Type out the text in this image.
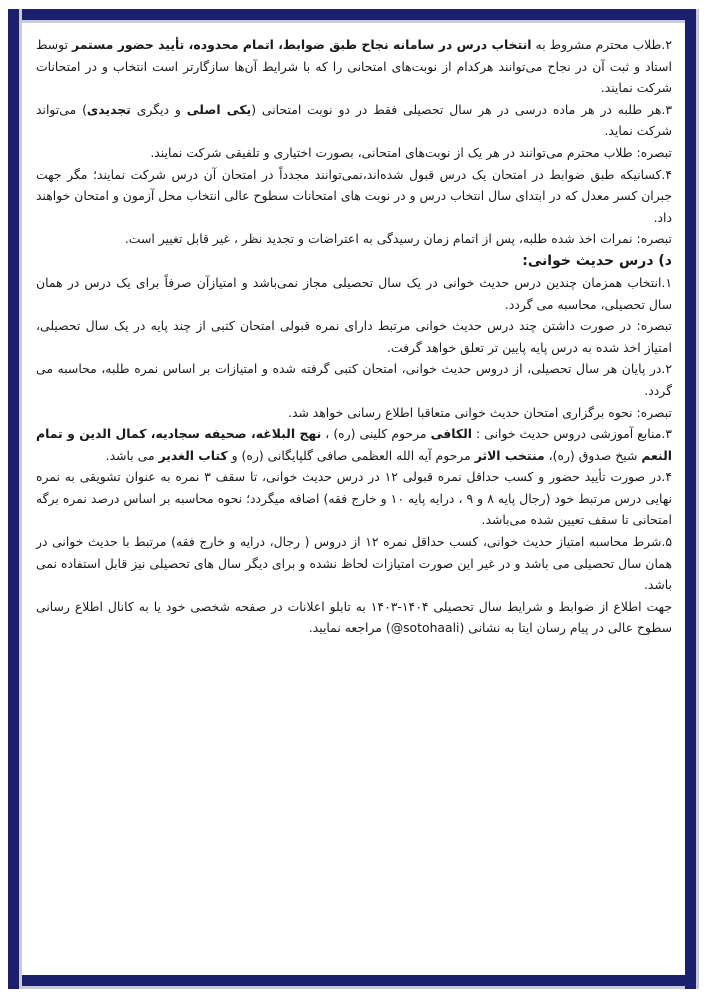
۲.طلاب محترم مشروط به انتخاب درس در سامانه نجاح طبق ضوابط، اتمام محدوده، تأیید حضور مستمر توسط استاد و ثبت آن در نجاح می‌توانند هرکدام از نوبت‌های امتحانی را که با شرایط آن‌ها سازگارتر است انتخاب و در امتحانات شرکت نمایند.

۳.هر طلبه در هر ماده درسی در هر سال تحصیلی فقط در دو نوبت امتحانی (یکی اصلی و دیگری تجدیدی) می‌تواند شرکت نماید.

تبصره: طلاب محترم می‌توانند در هر یک از نوبت‌های امتحانی، بصورت اختیاری و تلفیقی شرکت نمایند.

۴.کسانیکه طبق ضوابط در امتحان یک درس قبول شده‌اند،نمی‌توانند مجدداً در امتحان آن درس شرکت نمایند؛ مگر جهت جبران کسر معدل که در ابتدای سال انتخاب درس و در نوبت های امتحانات سطوح عالی انتخاب محل آزمون و امتحان خواهند داد.

تبصره: نمرات اخذ شده طلبه، پس از اتمام زمان رسیدگی به اعتراضات و تجدید نظر ، غیر قابل تغییر است.

د) درس حدیث خوانی:

۱.انتخاب همزمان چندین درس حدیث خوانی در یک سال تحصیلی مجاز نمی‌باشد و امتیازآن صرفاً برای یک درس در همان سال تحصیلی، محاسبه می گردد.

تبصره: در صورت داشتن چند درس حدیث خوانی مرتبط دارای نمره قبولی امتحان کتبی از چند پایه در یک سال تحصیلی، امتیاز اخذ شده به درس پایه پایین تر تعلق خواهد گرفت.

۲.در پایان هر سال تحصیلی، از دروس حدیث خوانی، امتحان کتبی گرفته شده و امتیازات بر اساس نمره طلبه، محاسبه می گردد.

تبصره: نحوه برگزاری امتحان حدیث خوانی متعاقبا اطلاع رسانی خواهد شد.

۳.منابع آموزشی دروس حدیث خوانی : الکافی مرحوم کلینی (ره) ، نهج البلاغه، صحیفه سجادیه، کمال الدین و تمام النعم شیخ صدوق (ره)، منتخب الاثر مرحوم آیه الله العظمی صافی گلپایگانی (ره) و کتاب الغدیر می باشد.

۴.در صورت تأیید حضور و کسب حداقل نمره قبولی ۱۲ در درس حدیث خوانی، تا سقف ۳ نمره به عنوان تشویقی به نمره نهایی درس مرتبط خود (رجال پایه ۸ و ۹ ، درایه پایه ۱۰ و خارج فقه) اضافه میگردد؛ نحوه محاسبه بر اساس درصد نمره برگه امتحانی تا سقف تعیین شده می‌باشد.

۵.شرط محاسبه امتیاز حدیث خوانی، کسب حداقل نمره ۱۲ از دروس ( رجال، درایه و خارج فقه) مرتبط با حدیث خوانی در همان سال تحصیلی می باشد و در غیر این صورت امتیازات لحاظ نشده و برای دیگر سال های تحصیلی نیز قابل استفاده نمی باشد.

جهت اطلاع از ضوابط و شرایط سال تحصیلی ۱۴۰۴-۱۴۰۳ به تابلو اعلانات در صفحه شخصی خود یا به کانال اطلاع رسانی سطوح عالی در پیام رسان ایتا به نشانی (@sotohaali) مراجعه نمایید.
